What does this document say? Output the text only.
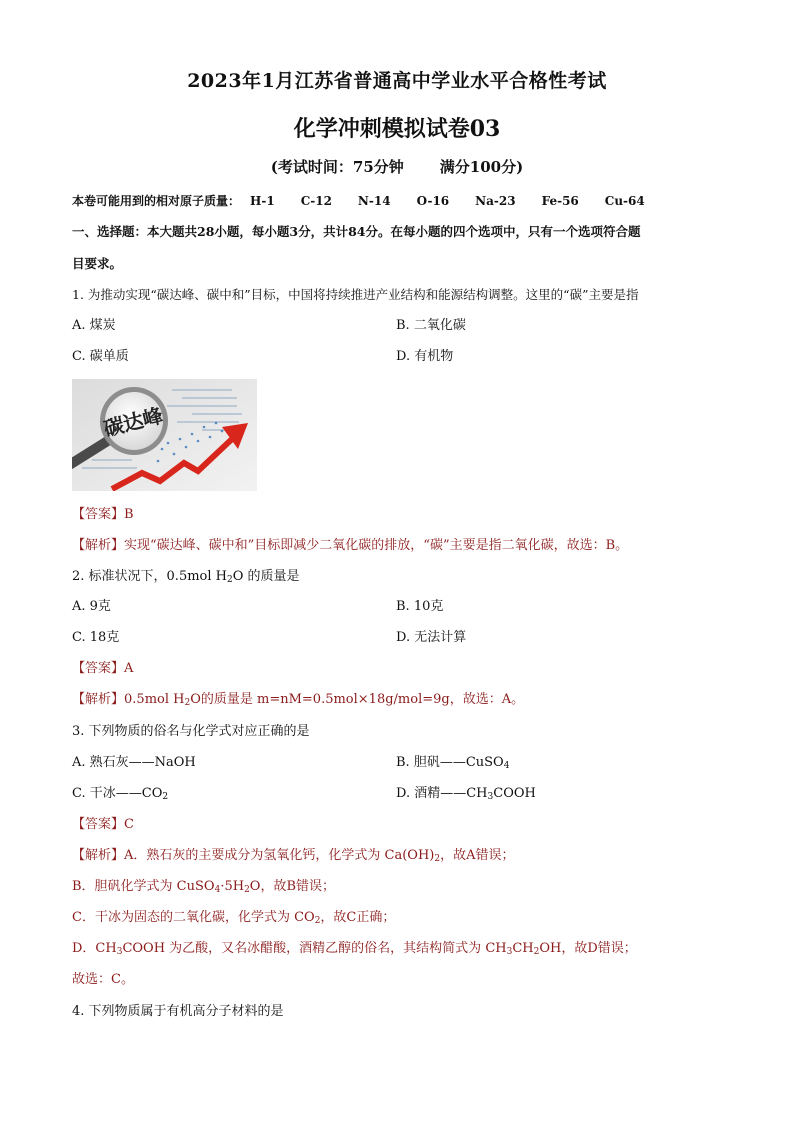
2023年1月江苏省普通高中学业水平合格性考试
化学冲刺模拟试卷03
(考试时间：75分钟 满分100分)
本卷可能用到的相对原子质量： H-1 C-12 N-14 O-16 Na-23 Fe-56 Cu-64
一、选择题：本大题共28小题，每小题3分，共计84分。在每小题的四个选项中，只有一个选项符合题
目要求。
1. 为推动实现“碳达峰、碳中和”目标，中国将持续推进产业结构和能源结构调整。这里的“碳”主要是指
A. 煤炭	B. 二氧化碳
C. 碳单质	D. 有机物
碳达峰
【答案】B
【解析】实现“碳达峰、碳中和”目标即减少二氧化碳的排放，“碳”主要是指二氧化碳，故选：B。
2. 标准状况下，0.5mol $H_2O$ 的质量是
A. 9克	B. 10克
C. 18克	D. 无法计算
【答案】A
【解析】0.5mol $H_2O$的质量是 m=nM=0.5mol×18g/mol=9g，故选：A。
3. 下列物质的俗名与化学式对应正确的是
A. 熟石灰——NaOH	B. 胆矾——CuSO$_4$
C. 干冰$——CO_2$	D. 酒精$——CH_3COOH$
【答案】C
【解析】A．熟石灰的主要成分为氢氧化钙，化学式为 $Ca(OH)_2$，故A错误；
B．胆矾化学式为 $CuSO_4\cdot 5H_2O$，故B错误；
C．干冰为固态的二氧化碳，化学式为 $CO_2$，故C正确；
D．$CH_3COOH$ 为乙酸，又名冰醋酸，酒精乙醇的俗名，其结构简式为 $CH_3CH_2OH$，故D错误；
故选：C。
4. 下列物质属于有机高分子材料的是
